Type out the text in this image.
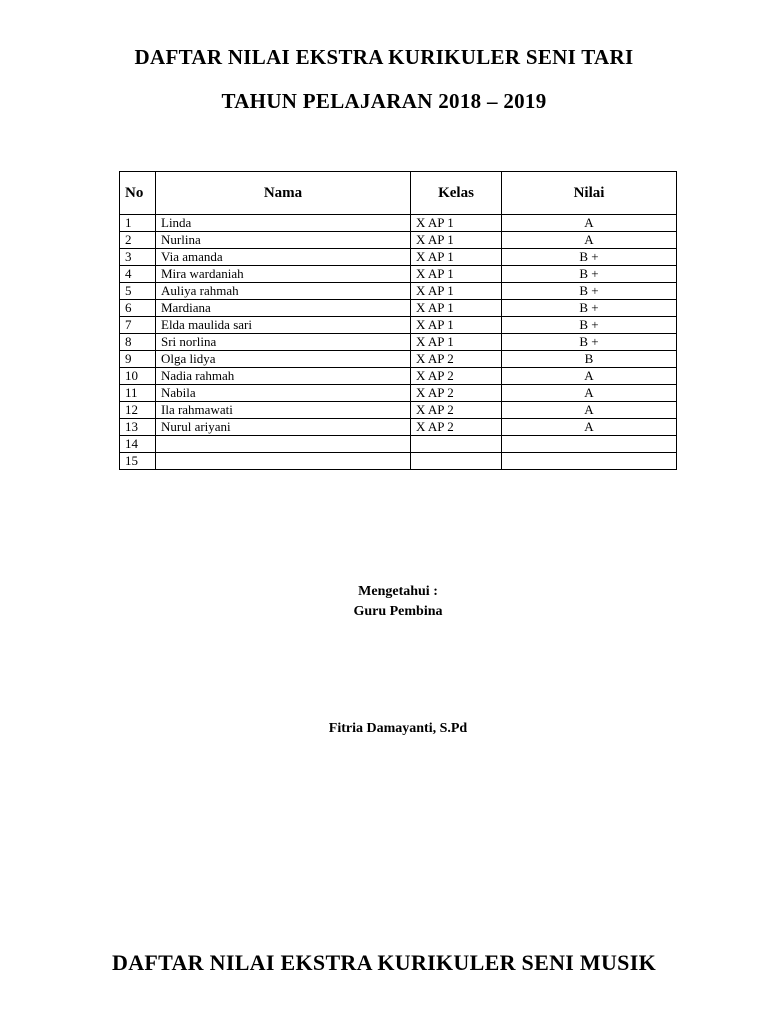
DAFTAR NILAI EKSTRA KURIKULER SENI TARI
TAHUN PELAJARAN 2018 – 2019
No	Nama	Kelas	Nilai
1	Linda	X AP 1	A
2	Nurlina	X AP 1	A
3	Via amanda	X AP 1	B +
4	Mira wardaniah	X AP 1	B +
5	Auliya rahmah	X AP 1	B +
6	Mardiana	X AP 1	B +
7	Elda maulida sari	X AP 1	B +
8	Sri norlina	X AP 1	B +
9	Olga lidya	X AP 2	B
10	Nadia rahmah	X AP 2	A
11	Nabila	X AP 2	A
12	Ila rahmawati	X AP 2	A
13	Nurul ariyani	X AP 2	A
14			
15			
Mengetahui :
Guru Pembina
Fitria Damayanti, S.Pd
DAFTAR NILAI EKSTRA KURIKULER SENI MUSIK
